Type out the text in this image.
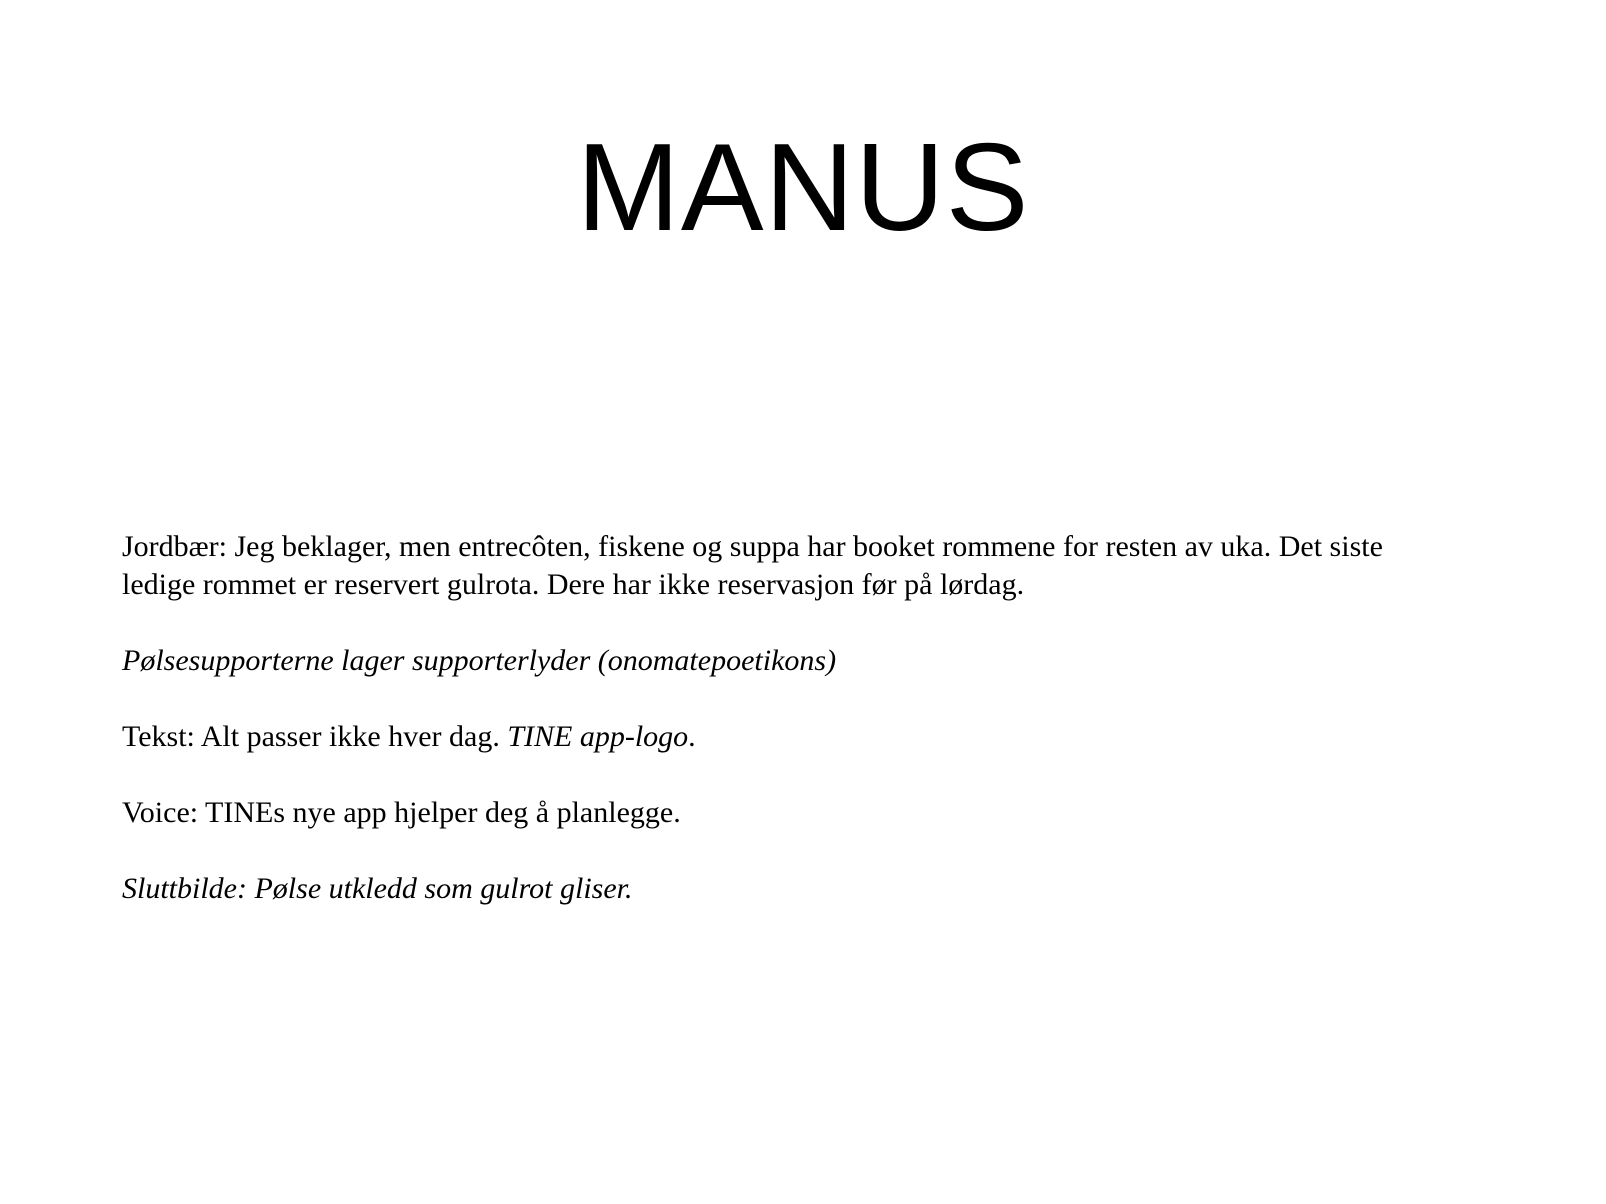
MANUS

Jordbær: Jeg beklager, men entrecôten, fiskene og suppa har booket rommene for resten av uka. Det siste ledige rommet er reservert gulrota. Dere har ikke reservasjon før på lørdag.

Pølsesupporterne lager supporterlyder (onomatepoetikons)

Tekst: Alt passer ikke hver dag. TINE app-logo.

Voice: TINEs nye app hjelper deg å planlegge.

Sluttbilde: Pølse utkledd som gulrot gliser.
